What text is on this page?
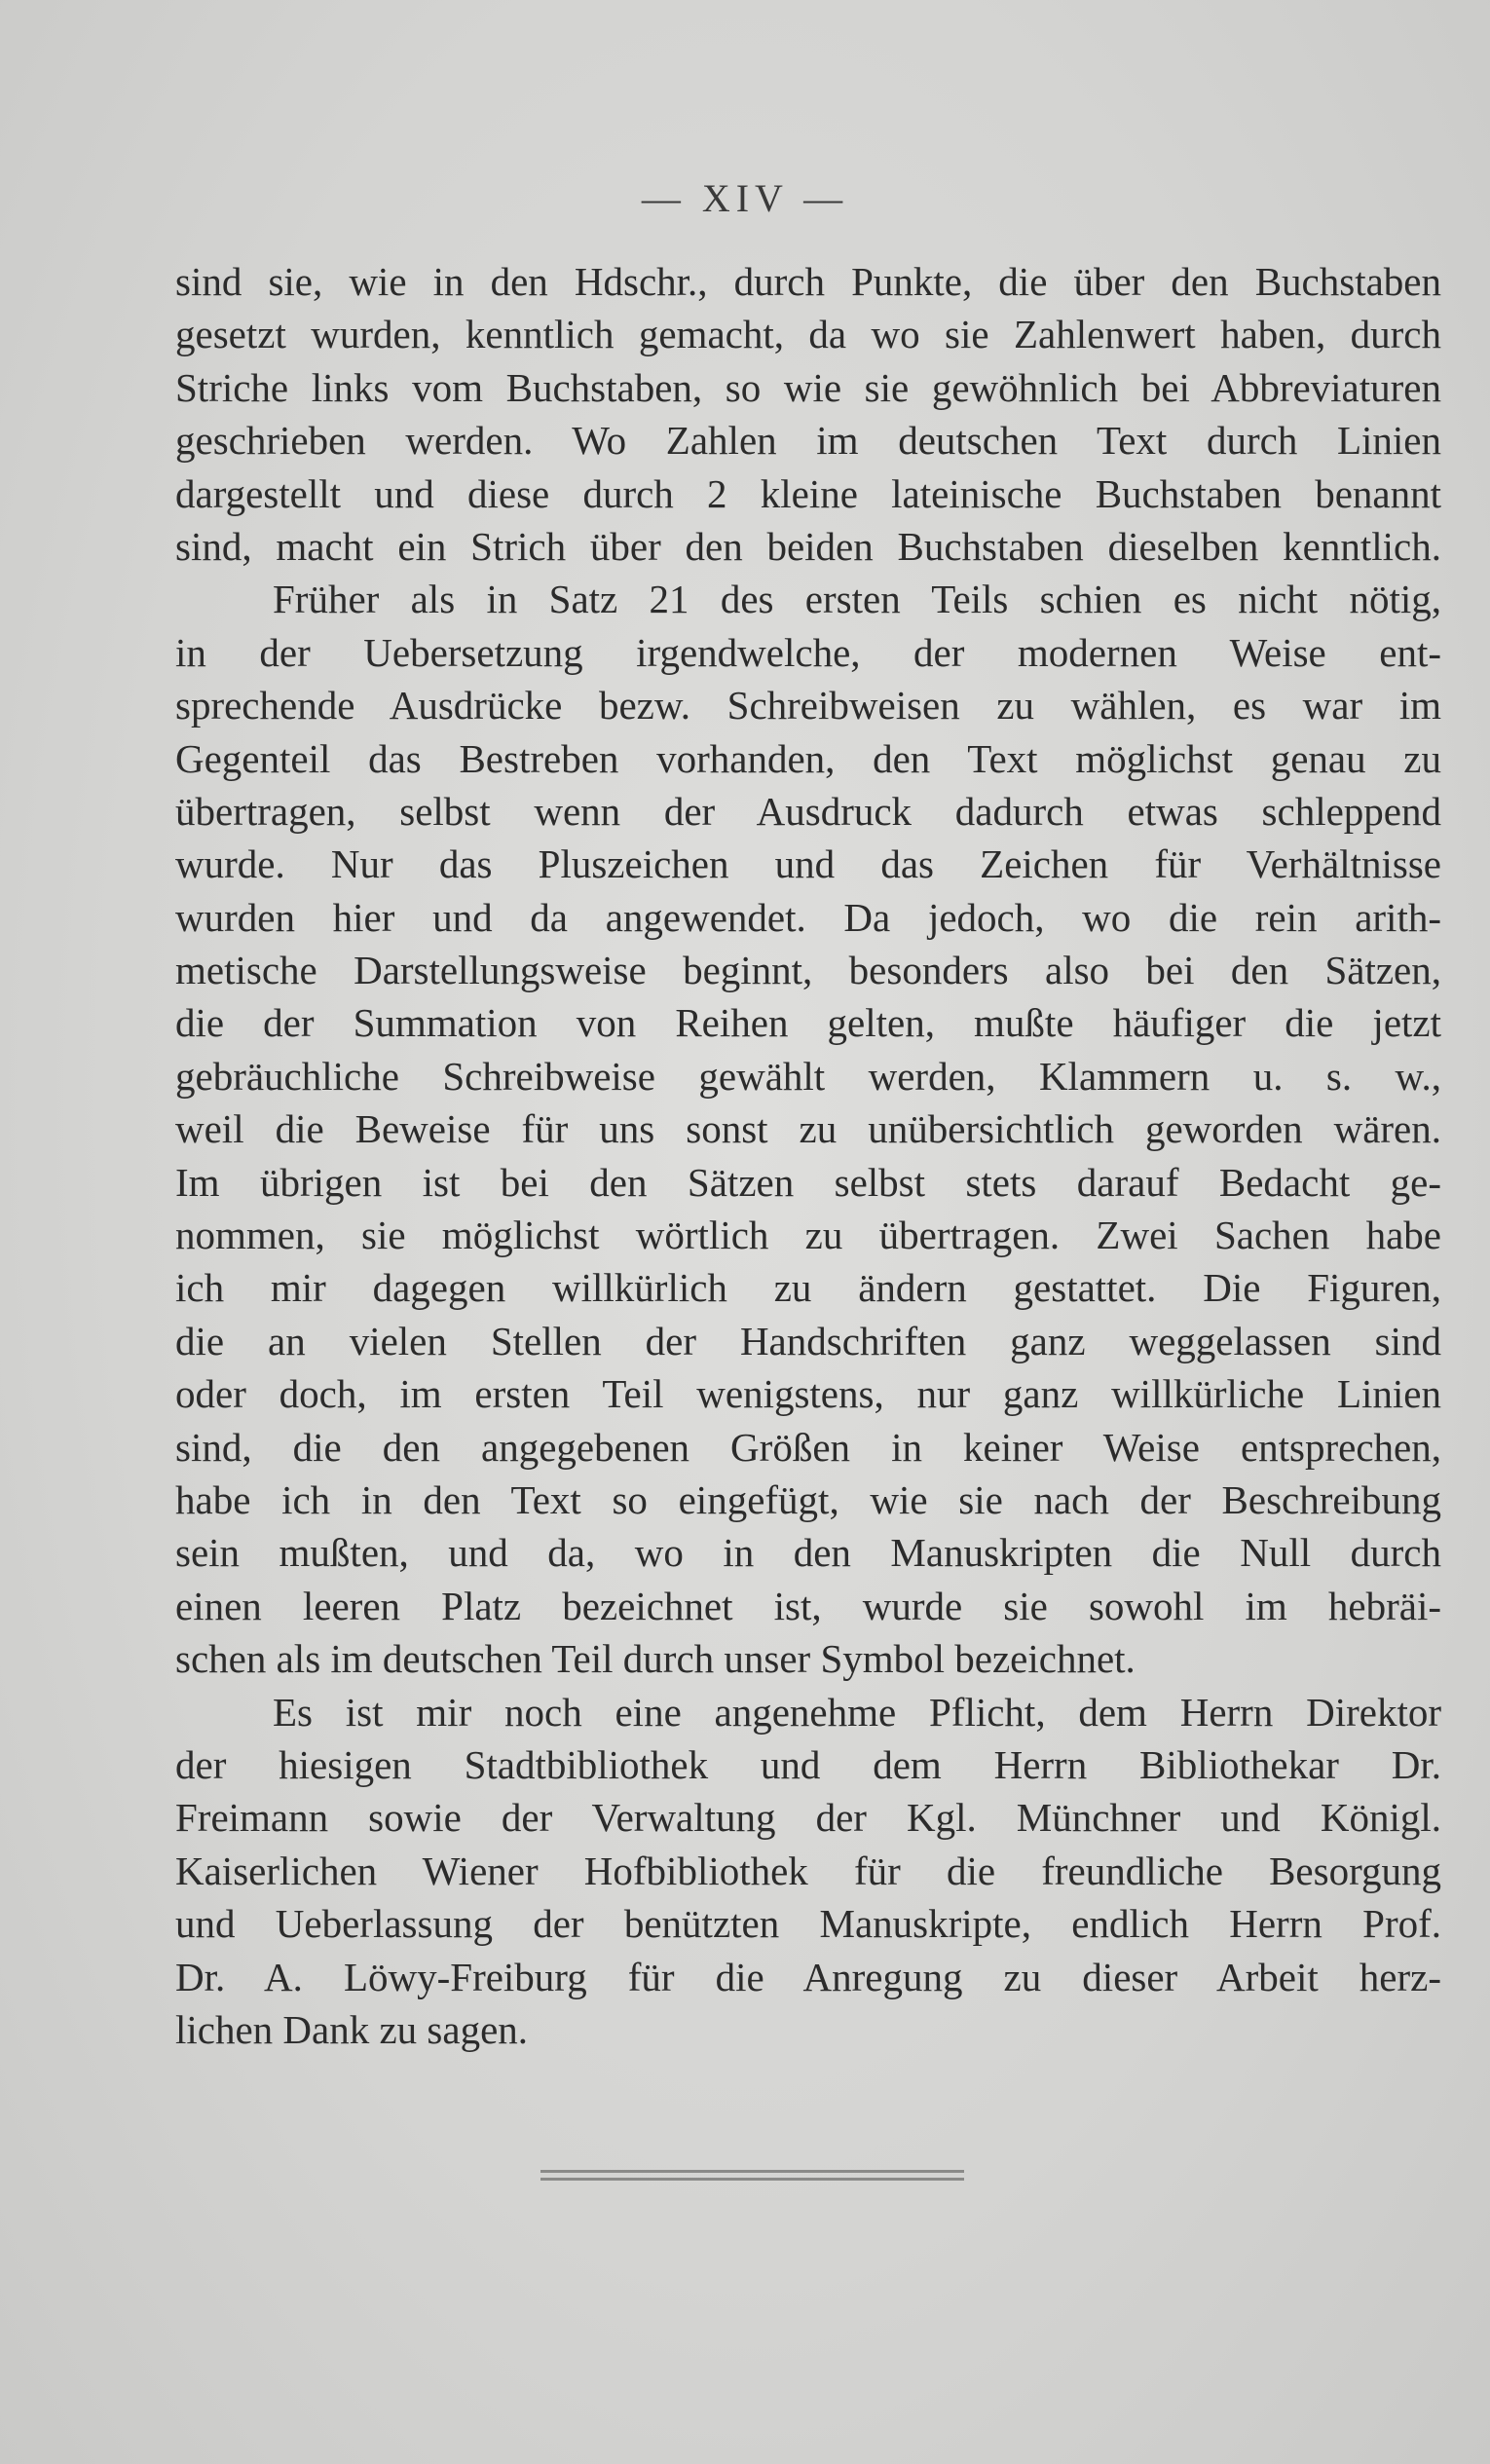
— XIV —
sind sie, wie in den Hdschr., durch Punkte, die über den Buchstaben
gesetzt wurden, kenntlich gemacht, da wo sie Zahlenwert haben, durch
Striche links vom Buchstaben, so wie sie gewöhnlich bei Abbreviaturen
geschrieben werden. Wo Zahlen im deutschen Text durch Linien
dargestellt und diese durch 2 kleine lateinische Buchstaben benannt
sind, macht ein Strich über den beiden Buchstaben dieselben kenntlich.
Früher als in Satz 21 des ersten Teils schien es nicht nötig,
in der Uebersetzung irgendwelche, der modernen Weise ent-
sprechende Ausdrücke bezw. Schreibweisen zu wählen, es war im
Gegenteil das Bestreben vorhanden, den Text möglichst genau zu
übertragen, selbst wenn der Ausdruck dadurch etwas schleppend
wurde. Nur das Pluszeichen und das Zeichen für Verhältnisse
wurden hier und da angewendet. Da jedoch, wo die rein arith-
metische Darstellungsweise beginnt, besonders also bei den Sätzen,
die der Summation von Reihen gelten, mußte häufiger die jetzt
gebräuchliche Schreibweise gewählt werden, Klammern u. s. w.,
weil die Beweise für uns sonst zu unübersichtlich geworden wären.
Im übrigen ist bei den Sätzen selbst stets darauf Bedacht ge-
nommen, sie möglichst wörtlich zu übertragen. Zwei Sachen habe
ich mir dagegen willkürlich zu ändern gestattet. Die Figuren,
die an vielen Stellen der Handschriften ganz weggelassen sind
oder doch, im ersten Teil wenigstens, nur ganz willkürliche Linien
sind, die den angegebenen Größen in keiner Weise entsprechen,
habe ich in den Text so eingefügt, wie sie nach der Beschreibung
sein mußten, und da, wo in den Manuskripten die Null durch
einen leeren Platz bezeichnet ist, wurde sie sowohl im hebräi-
schen als im deutschen Teil durch unser Symbol bezeichnet.
Es ist mir noch eine angenehme Pflicht, dem Herrn Direktor
der hiesigen Stadtbibliothek und dem Herrn Bibliothekar Dr.
Freimann sowie der Verwaltung der Kgl. Münchner und Königl.
Kaiserlichen Wiener Hofbibliothek für die freundliche Besorgung
und Ueberlassung der benützten Manuskripte, endlich Herrn Prof.
Dr. A. Löwy-Freiburg für die Anregung zu dieser Arbeit herz-
lichen Dank zu sagen.
